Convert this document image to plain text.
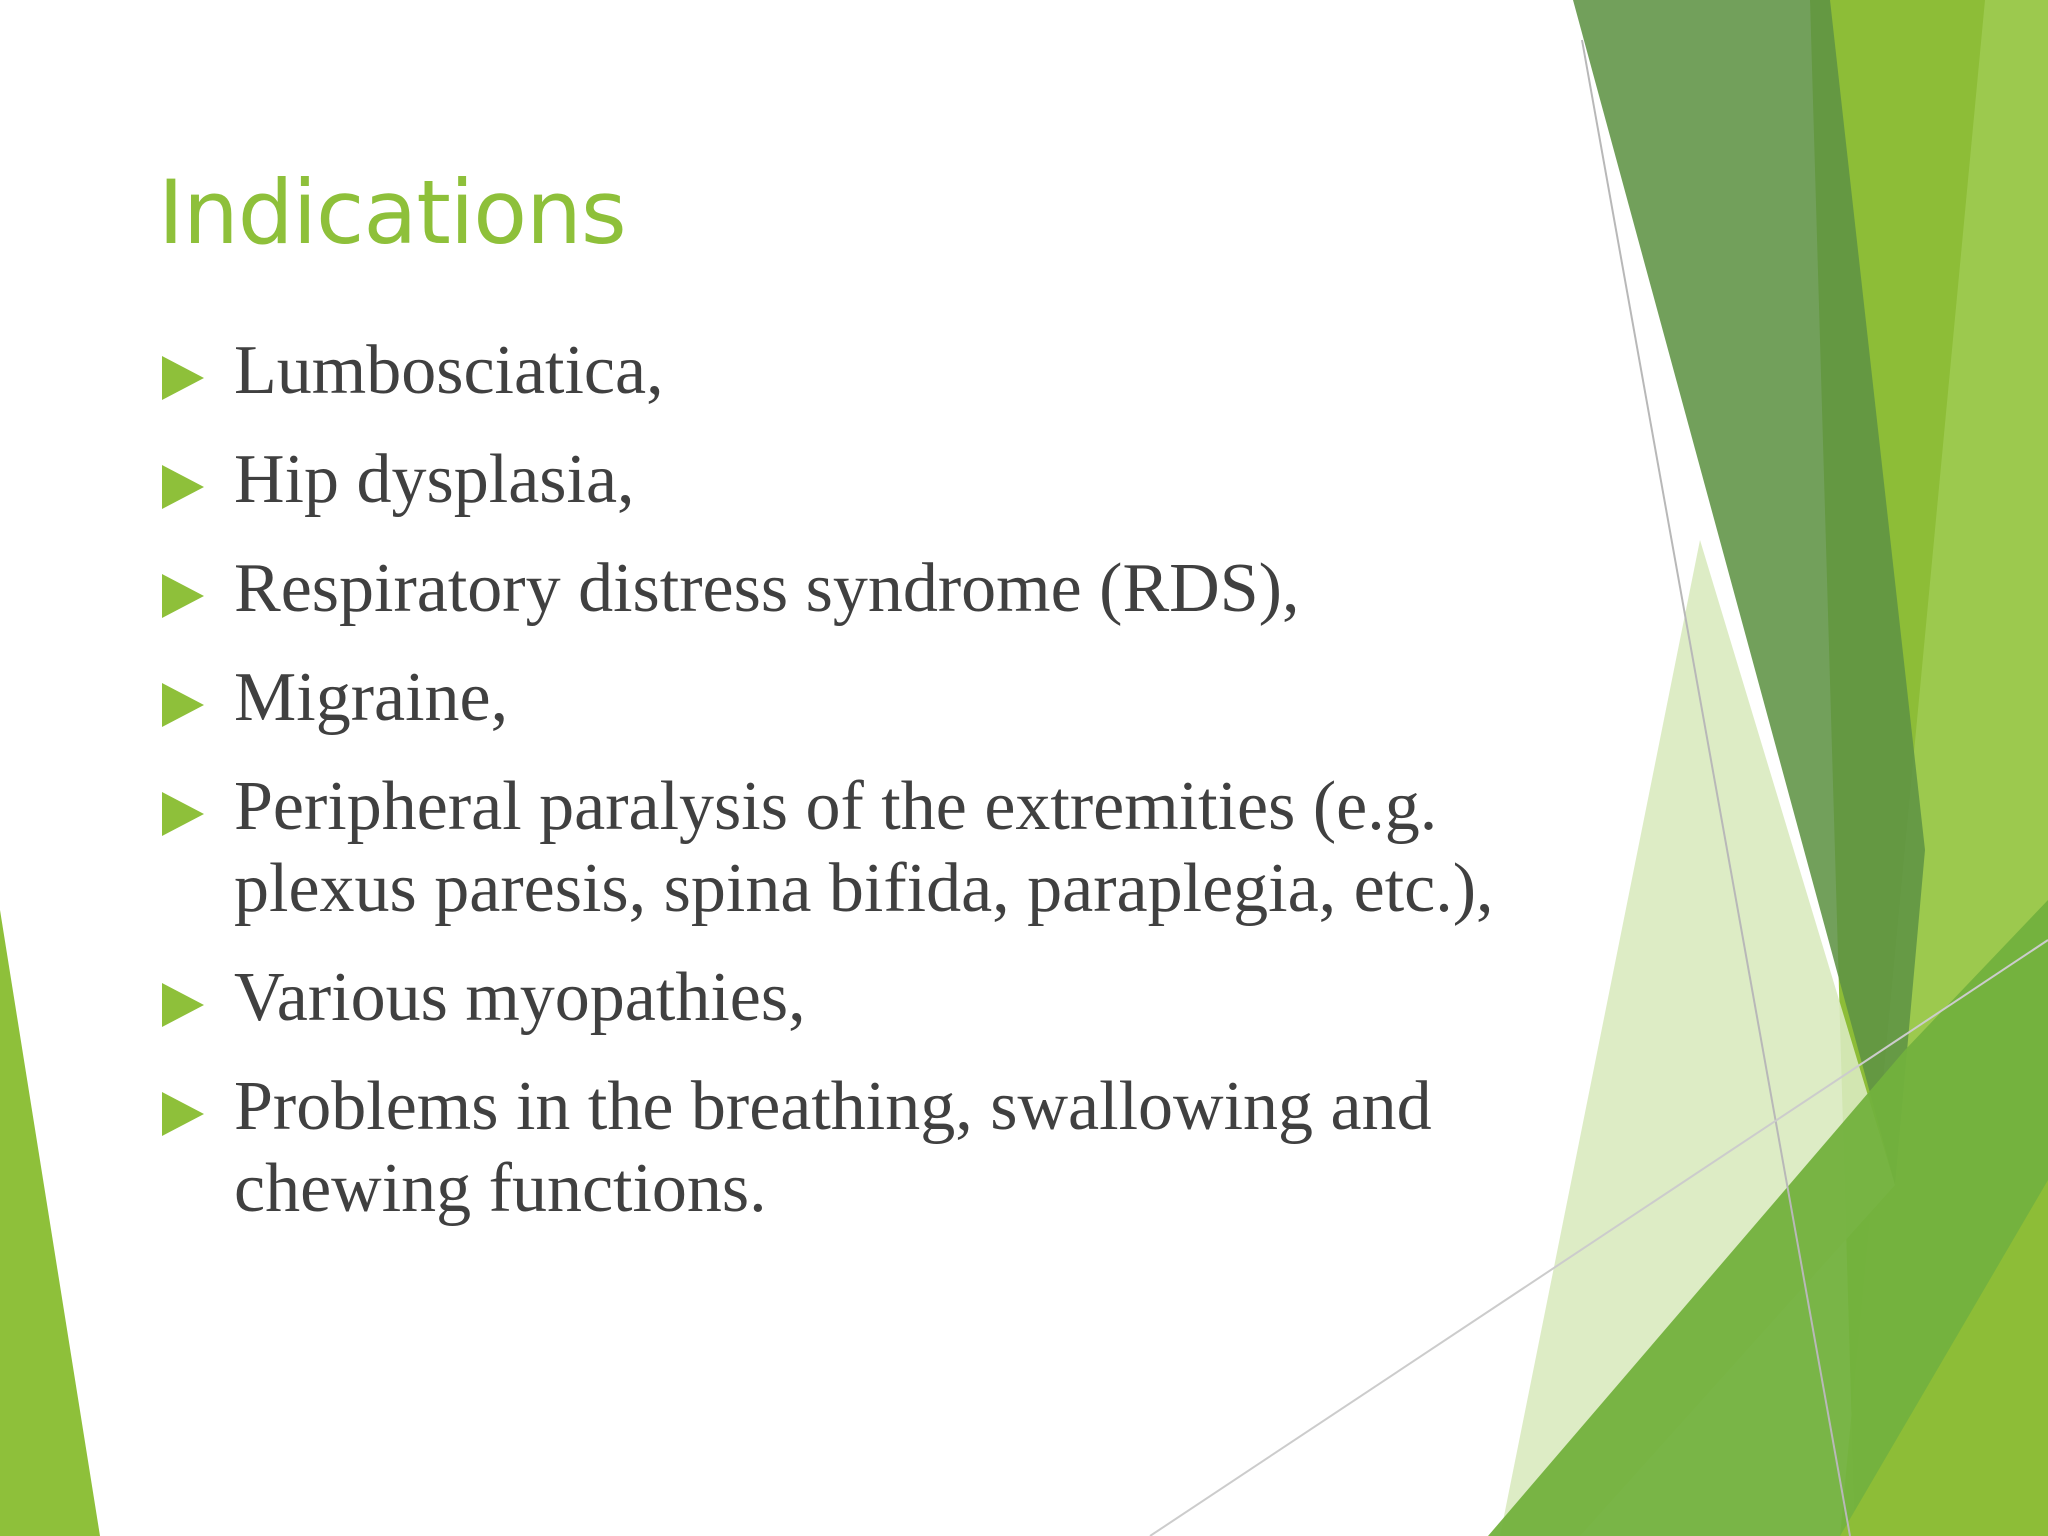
Indications
Lumbosciatica,
Hip dysplasia,
Respiratory distress syndrome (RDS),
Migraine,
Peripheral paralysis of the extremities (e.g. plexus paresis, spina bifida, paraplegia, etc.),
Various myopathies,
Problems in the breathing, swallowing and chewing functions.
